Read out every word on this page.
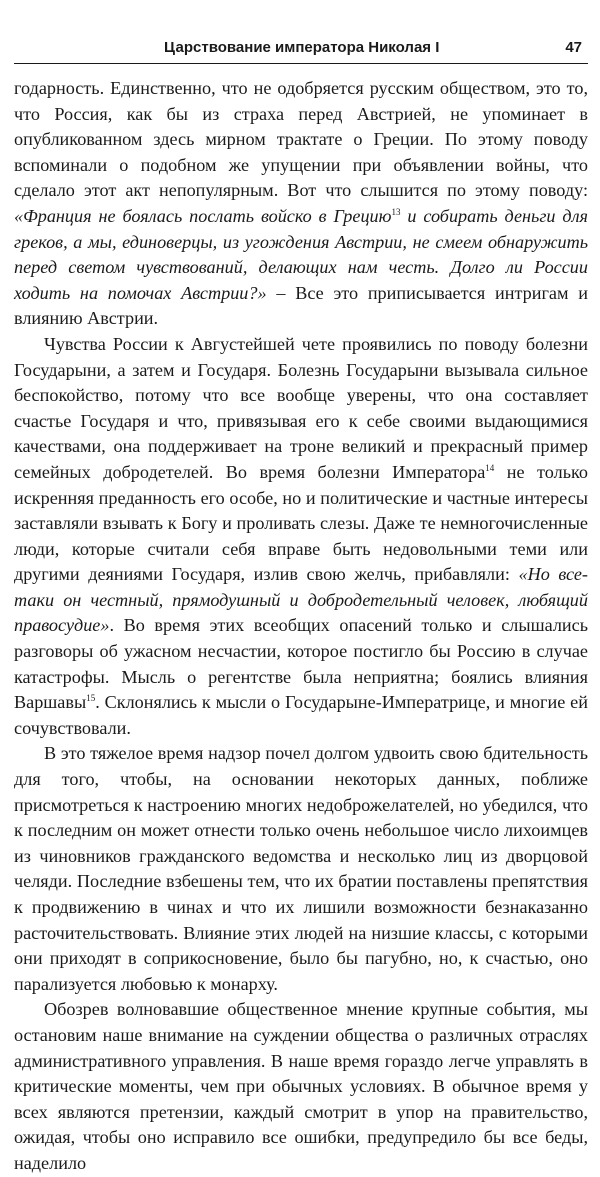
Царствование императора Николая I	47

годарность. Единственно, что не одобряется русским обществом, это то, что Россия, как бы из страха перед Австрией, не упоминает в опубликованном здесь мирном трактате о Греции. По этому поводу вспоминали о подобном же упущении при объявлении войны, что сделало этот акт непопулярным. Вот что слышится по этому поводу: «Франция не боялась послать войско в Грецию$^{13}$ и собирать деньги для греков, а мы, единоверцы, из угождения Австрии, не смеем обнаружить перед светом чувствований, делающих нам честь. Долго ли России ходить на помочах Австрии?» – Все это приписывается интригам и влиянию Австрии.

Чувства России к Августейшей чете проявились по поводу болезни Государыни, а затем и Государя. Болезнь Государыни вызывала сильное беспокойство, потому что все вообще уверены, что она составляет счастье Государя и что, привязывая его к себе своими выдающимися качествами, она поддерживает на троне великий и прекрасный пример семейных добродетелей. Во время болезни Императора$^{14}$ не только искренняя преданность его особе, но и политические и частные интересы заставляли взывать к Богу и проливать слезы. Даже те немногочисленные люди, которые считали себя вправе быть недовольными теми или другими деяниями Государя, излив свою желчь, прибавляли: «Но все-таки он честный, прямодушный и добродетельный человек, любящий правосудие». Во время этих всеобщих опасений только и слышались разговоры об ужасном несчастии, которое постигло бы Россию в случае катастрофы. Мысль о регентстве была неприятна; боялись влияния Варшавы$^{15}$. Склонялись к мысли о Государыне-Императрице, и многие ей сочувствовали.

В это тяжелое время надзор почел долгом удвоить свою бдительность для того, чтобы, на основании некоторых данных, поближе присмотреться к настроению многих недоброжелателей, но убедился, что к последним он может отнести только очень небольшое число лихоимцев из чиновников гражданского ведомства и несколько лиц из дворцовой челяди. Последние взбешены тем, что их братии поставлены препятствия к продвижению в чинах и что их лишили возможности безнаказанно расточительствовать. Влияние этих людей на низшие классы, с которыми они приходят в соприкосновение, было бы пагубно, но, к счастью, оно парализуется любовью к монарху.

Обозрев волновавшие общественное мнение крупные события, мы остановим наше внимание на суждении общества о различных отраслях административного управления. В наше время гораздо легче управлять в критические моменты, чем при обычных условиях. В обычное время у всех являются претензии, каждый смотрит в упор на правительство, ожидая, чтобы оно исправило все ошибки, предупредило бы все беды, наделило
